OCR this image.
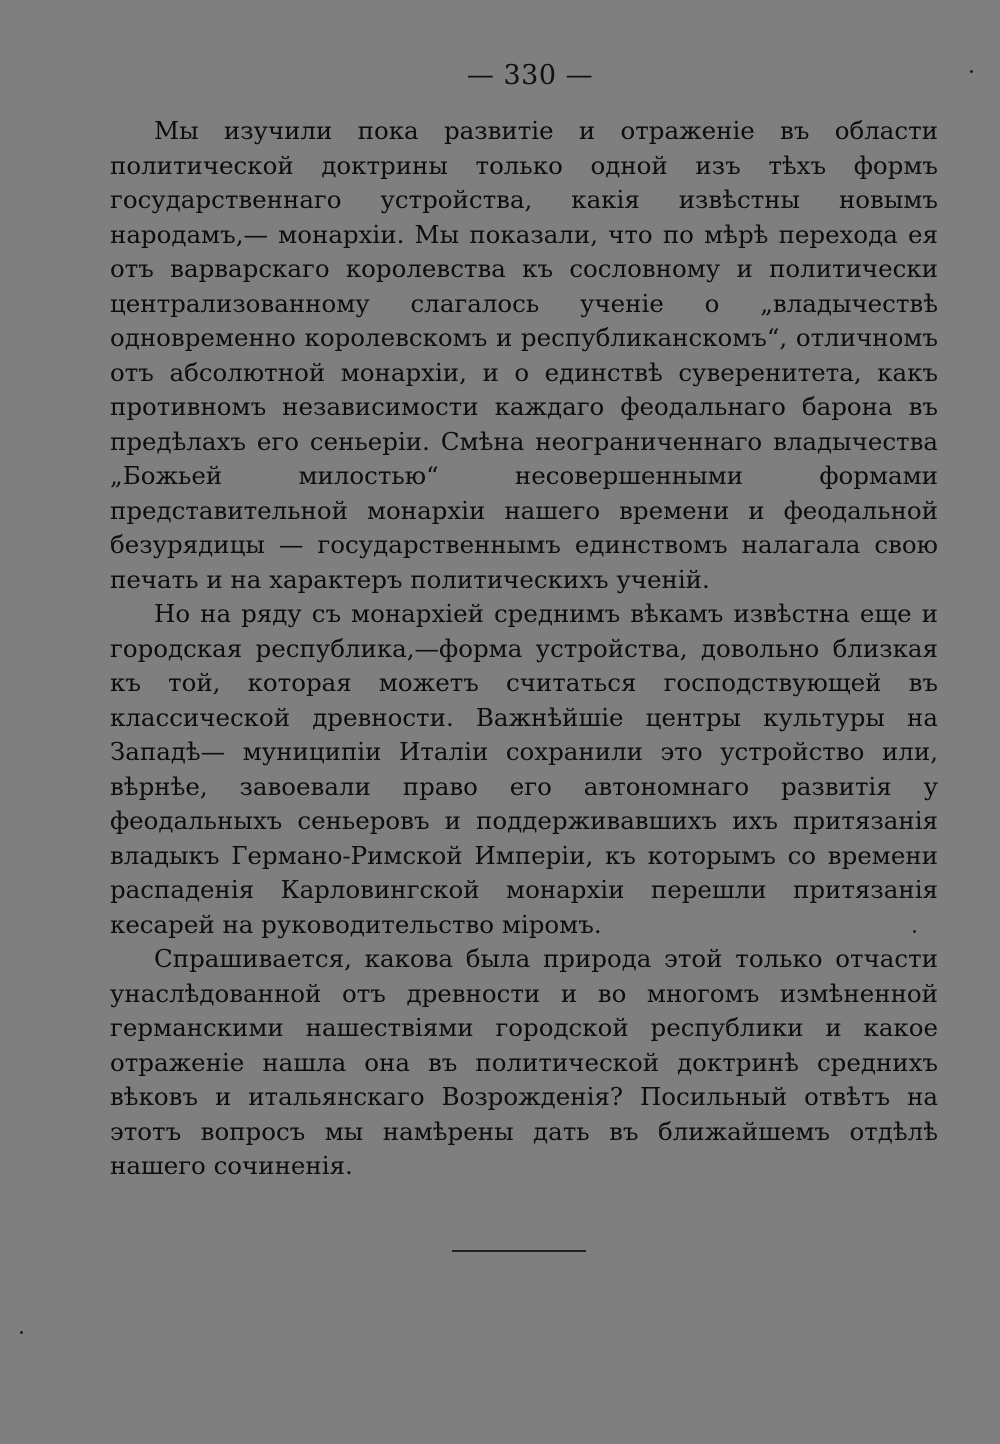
— 330 —

Мы изучили пока развитіе и отраженіе въ области политической доктрины только одной изъ тѣхъ формъ государственнаго устройства, какія извѣстны новымъ народамъ,— монархіи. Мы показали, что по мѣрѣ перехода ея отъ варварскаго королевства къ сословному и политически централизованному слагалось ученіе о „владычествѣ одновременно королевскомъ и республиканскомъ“, отличномъ отъ абсолютной монархіи, и о единствѣ суверенитета, какъ противномъ независимости каждаго феодальнаго барона въ предѣлахъ его сеньеріи. Смѣна неограниченнаго владычества „Божьей милостью“ несовершенными формами представительной монархіи нашего времени и феодальной безурядицы — государственнымъ единствомъ налагала свою печать и на характеръ политическихъ ученій.

Но на ряду съ монархіей среднимъ вѣкамъ извѣстна еще и городская республика,—форма устройства, довольно близкая къ той, которая можетъ считаться господствующей въ классической древности. Важнѣйшіе центры культуры на Западѣ— муниципіи Италіи сохранили это устройство или, вѣрнѣе, завоевали право его автономнаго развитія у феодальныхъ сеньеровъ и поддерживавшихъ ихъ притязанія владыкъ Германо-Римской Имперіи, къ которымъ со времени распаденія Карловингской монархіи перешли притязанія кесарей на руководительство міромъ.

Спрашивается, какова была природа этой только отчасти унаслѣдованной отъ древности и во многомъ измѣненной германскими нашествіями городской республики и какое отраженіе нашла она въ политической доктринѣ среднихъ вѣковъ и итальянскаго Возрожденія? Посильный отвѣтъ на этотъ вопросъ мы намѣрены дать въ ближайшемъ отдѣлѣ нашего сочиненія.
